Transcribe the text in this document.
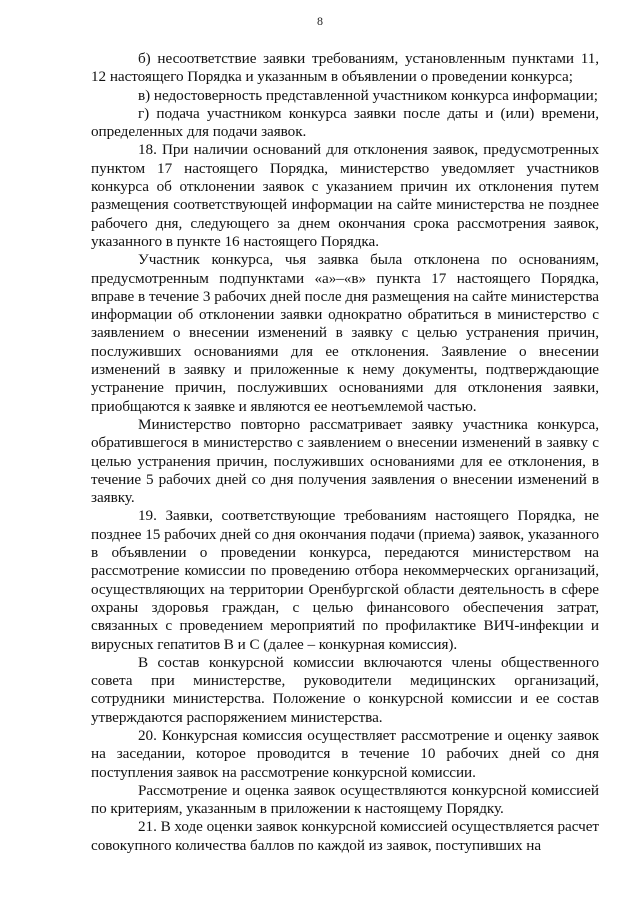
8

б) несоответствие заявки требованиям, установленным пунктами 11, 12 настоящего Порядка и указанным в объявлении о проведении конкурса;

в) недостоверность представленной участником конкурса информации;

г) подача участником конкурса заявки после даты и (или) времени, определенных для подачи заявок.

18. При наличии оснований для отклонения заявок, предусмотренных пунктом 17 настоящего Порядка, министерство уведомляет участников конкурса об отклонении заявок с указанием причин их отклонения путем размещения соответствующей информации на сайте министерства не позднее рабочего дня, следующего за днем окончания срока рассмотрения заявок, указанного в пункте 16 настоящего Порядка.

Участник конкурса, чья заявка была отклонена по основаниям, предусмотренным подпунктами «а»–«в» пункта 17 настоящего Порядка, вправе в течение 3 рабочих дней после дня размещения на сайте министерства информации об отклонении заявки однократно обратиться в министерство с заявлением о внесении изменений в заявку с целью устранения причин, послуживших основаниями для ее отклонения. Заявление о внесении изменений в заявку и приложенные к нему документы, подтверждающие устранение причин, послуживших основаниями для отклонения заявки, приобщаются к заявке и являются ее неотъемлемой частью.

Министерство повторно рассматривает заявку участника конкурса, обратившегося в министерство с заявлением о внесении изменений в заявку с целью устранения причин, послуживших основаниями для ее отклонения, в течение 5 рабочих дней со дня получения заявления о внесении изменений в заявку.

19. Заявки, соответствующие требованиям настоящего Порядка, не позднее 15 рабочих дней со дня окончания подачи (приема) заявок, указанного в объявлении о проведении конкурса, передаются министерством на рассмотрение комиссии по проведению отбора некоммерческих организаций, осуществляющих на территории Оренбургской области деятельность в сфере охраны здоровья граждан, с целью финансового обеспечения затрат, связанных с проведением мероприятий по профилактике ВИЧ-инфекции и вирусных гепатитов В и С (далее – конкурная комиссия).

В состав конкурсной комиссии включаются члены общественного совета при министерстве, руководители медицинских организаций, сотрудники министерства. Положение о конкурсной комиссии и ее состав утверждаются распоряжением министерства.

20. Конкурсная комиссия осуществляет рассмотрение и оценку заявок на заседании, которое проводится в течение 10 рабочих дней со дня поступления заявок на рассмотрение конкурсной комиссии.

Рассмотрение и оценка заявок осуществляются конкурсной комиссией по критериям, указанным в приложении к настоящему Порядку.

21. В ходе оценки заявок конкурсной комиссией осуществляется расчет совокупного количества баллов по каждой из заявок, поступивших на
